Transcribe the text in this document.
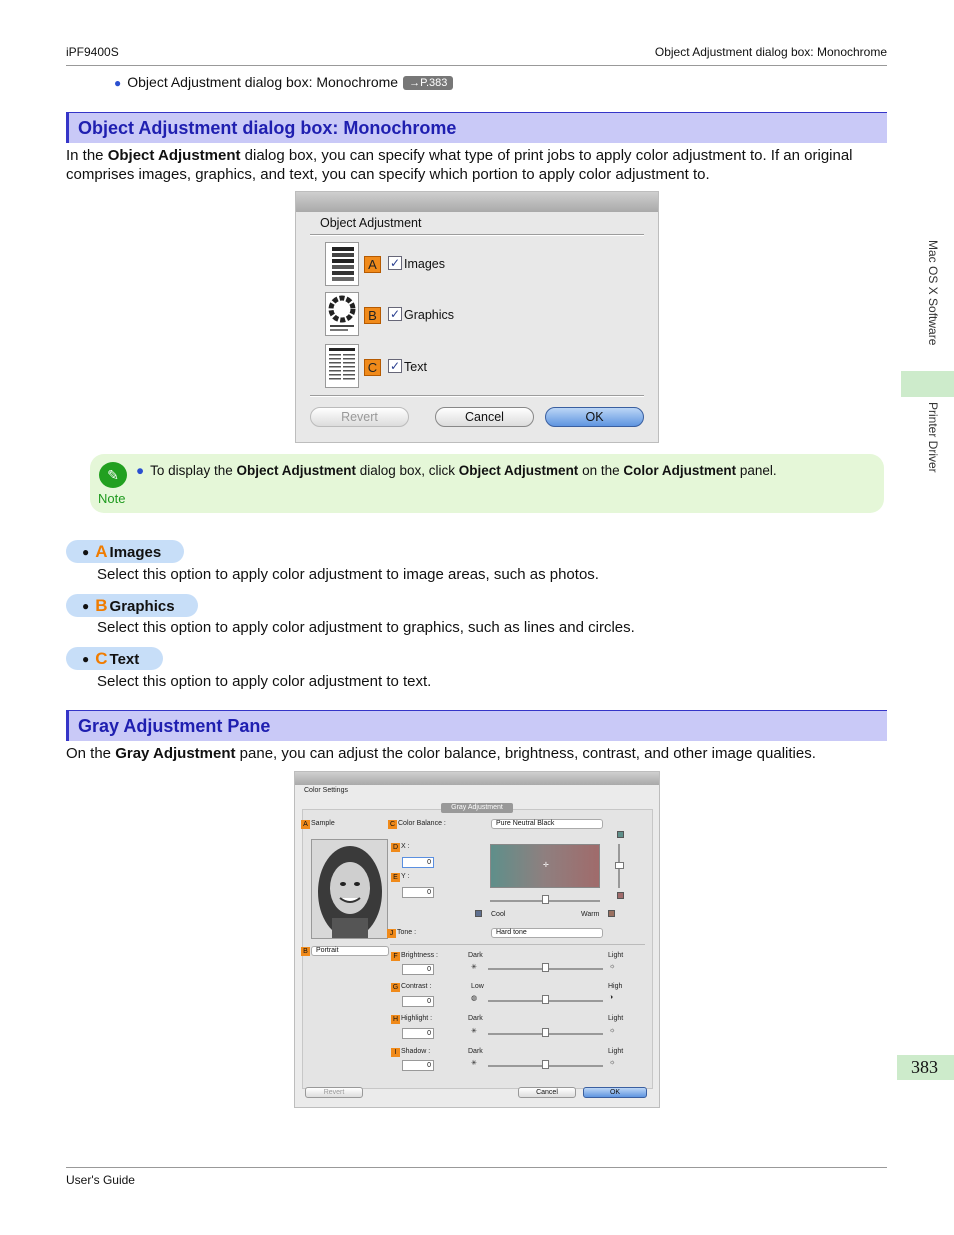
iPF9400S	Object Adjustment dialog box: Monochrome
● Object Adjustment dialog box: Monochrome →P.383
Object Adjustment dialog box: Monochrome
In the Object Adjustment dialog box, you can specify what type of print jobs to apply color adjustment to. If an original comprises images, graphics, and text, you can specify which portion to apply color adjustment to.
Object Adjustment
A	✓ Images
B	✓ Graphics
C	✓ Text
Revert	Cancel	OK
✎
Note
● To display the Object Adjustment dialog box, click Object Adjustment on the Color Adjustment panel.
● A Images
Select this option to apply color adjustment to image areas, such as photos.
● B Graphics
Select this option to apply color adjustment to graphics, such as lines and circles.
● C Text
Select this option to apply color adjustment to text.
Gray Adjustment Pane
On the Gray Adjustment pane, you can adjust the color balance, brightness, contrast, and other image qualities.
Color Settings
Gray Adjustment
A Sample
B	Portrait
C Color Balance :	Pure Neutral Black
D X :
0
E Y :
0
✛
Cool	Warm
J Tone :	Hard tone
F Brightness :
0
Dark	Light
✳	☼
G Contrast :
0
Low	High
◍	◑
H Highlight :
0
Dark	Light
✳	☼
I Shadow :
0
Dark	Light
✳	☼
Revert	Cancel	OK
Mac OS X Software
Printer Driver
383
User's Guide
